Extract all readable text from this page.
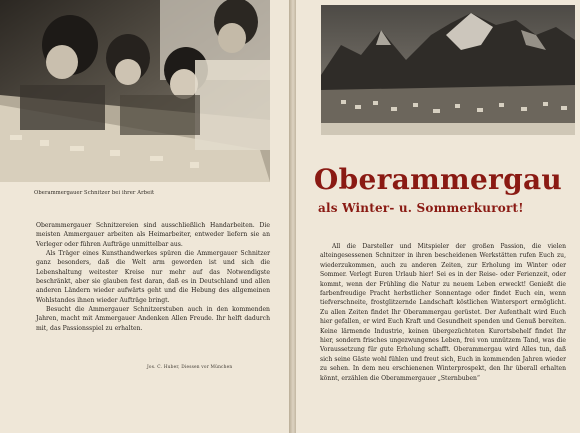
Oberammergauer Schnitzer bei ihrer Arbeit

Oberammergauer Schnitzereien sind ausschließlich Handarbeiten. Die meisten Ammergauer arbeiten als Heimarbeiter, entweder liefern sie an Verleger oder führen Aufträge unmittelbar aus.

Als Träger eines Kunsthandwerkes spüren die Ammergauer Schnitzer ganz besonders, daß die Welt arm geworden ist und sich die Lebenshaltung weitester Kreise nur mehr auf das Notwendigste beschränkt, aber sie glauben fest daran, daß es in Deutschland und allen anderen Ländern wieder aufwärts geht und die Hebung des allgemeinen Wohlstandes ihnen wieder Aufträge bringt.

Besucht die Ammergauer Schnitzerstuben auch in den kommenden Jahren, macht mit Ammergauer Andenken Allen Freude. Ihr helft dadurch mit, das Passionsspiel zu erhalten.

Jos. C. Huber, Diessen vor München
Oberammergau
als Winter- u. Sommerkurort!

All die Darsteller und Mitspieler der großen Passion, die vielen alteingesessenen Schnitzer in ihren bescheidenen Werkstätten rufen Euch zu, wiederzukommen, auch zu anderen Zeiten, zur Erholung im Winter oder Sommer. Verlegt Euren Urlaub hier! Sei es in der Reise- oder Ferienzeit, oder kommt, wenn der Frühling die Natur zu neuem Leben erweckt! Genießt die farbenfreudige Pracht herbstlicher Sonnentage oder findet Euch ein, wenn tiefverschneite, frostglitzernde Landschaft köstlichen Wintersport ermöglicht. Zu allen Zeiten findet Ihr Oberammergau gerüstet. Der Aufenthalt wird Euch hier gefallen, er wird Euch Kraft und Gesundheit spenden und Genuß bereiten. Keine lärmende Industrie, keinen übergezüchteten Kurortsbehelf findet Ihr hier, sondern frisches ungezwungenes Leben, frei von unnützem Tand, was die Voraussetzung für gute Erholung schafft. Oberammergau wird Alles tun, daß sich seine Gäste wohl fühlen und freut sich, Euch in kommenden Jahren wieder zu sehen. In dem neu erschienenen Winterprospekt, den Ihr überall erhalten könnt, erzählen die Oberammergauer „Sternbuben“
